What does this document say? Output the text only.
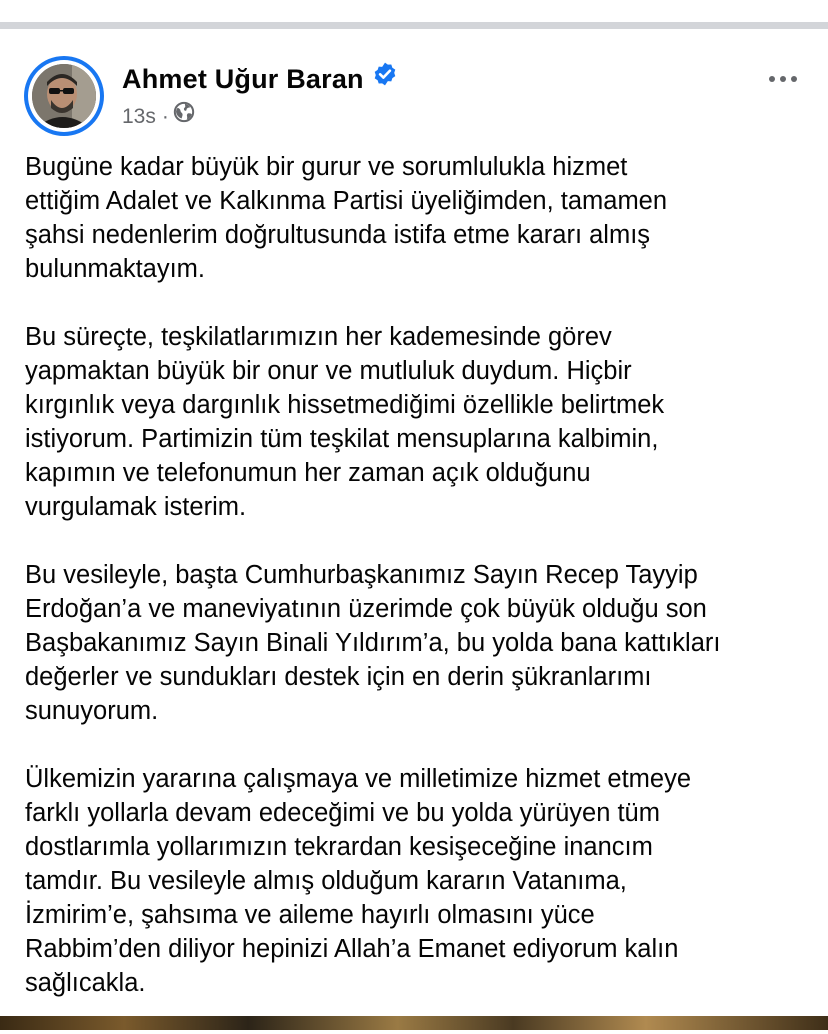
Ahmet Uğur Baran
13s ·

Bugüne kadar büyük bir gurur ve sorumlulukla hizmet
ettiğim Adalet ve Kalkınma Partisi üyeliğimden, tamamen
şahsi nedenlerim doğrultusunda istifa etme kararı almış
bulunmaktayım.

Bu süreçte, teşkilatlarımızın her kademesinde görev
yapmaktan büyük bir onur ve mutluluk duydum. Hiçbir
kırgınlık veya dargınlık hissetmediğimi özellikle belirtmek
istiyorum. Partimizin tüm teşkilat mensuplarına kalbimin,
kapımın ve telefonumun her zaman açık olduğunu
vurgulamak isterim.

Bu vesileyle, başta Cumhurbaşkanımız Sayın Recep Tayyip
Erdoğan’a ve maneviyatının üzerimde çok büyük olduğu son
Başbakanımız Sayın Binali Yıldırım’a, bu yolda bana kattıkları
değerler ve sundukları destek için en derin şükranlarımı
sunuyorum.

Ülkemizin yararına çalışmaya ve milletimize hizmet etmeye
farklı yollarla devam edeceğimi ve bu yolda yürüyen tüm
dostlarımla yollarımızın tekrardan kesişeceğine inancım
tamdır. Bu vesileyle almış olduğum kararın Vatanıma,
İzmirim’e, şahsıma ve aileme hayırlı olmasını yüce
Rabbim’den diliyor hepinizi Allah’a Emanet ediyorum kalın
sağlıcakla.
